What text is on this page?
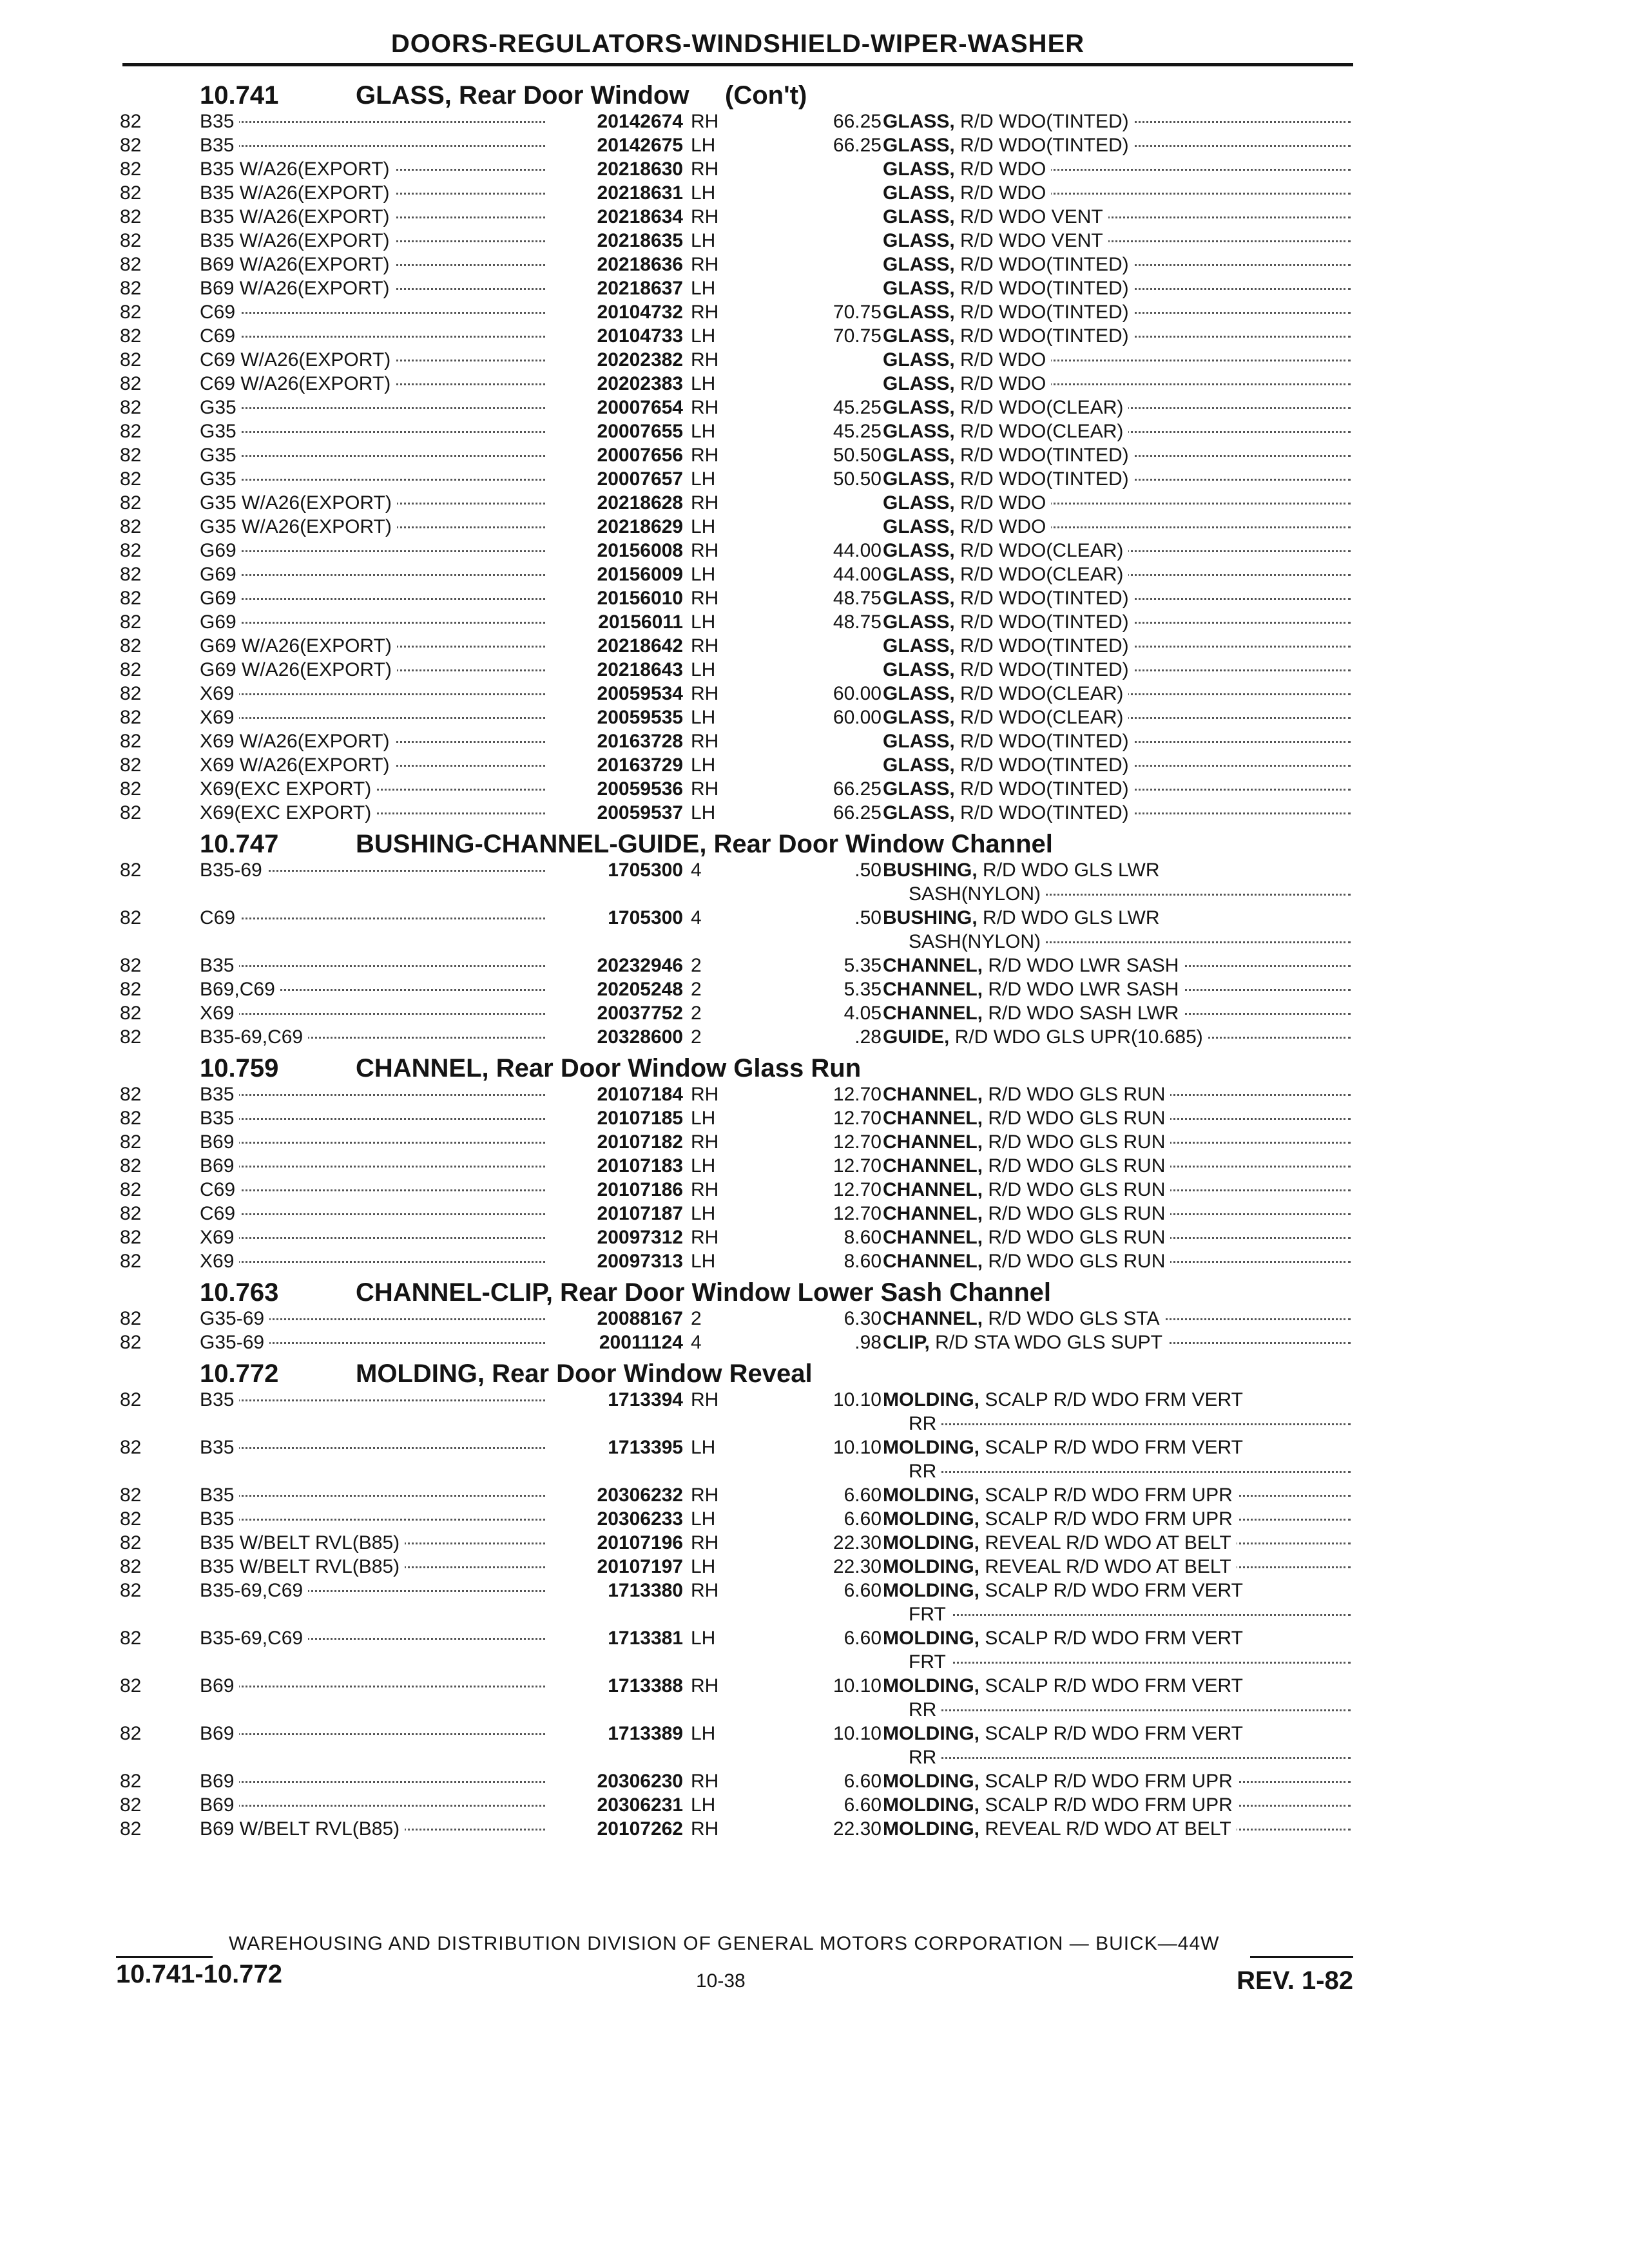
DOORS-REGULATORS-WINDSHIELD-WIPER-WASHER
10.741	GLASS, Rear Door Window (Con't)
82	B35	20142674 RH	66.25 GLASS, R/D WDO(TINTED)
82	B35	20142675 LH	66.25 GLASS, R/D WDO(TINTED)
82	B35 W/A26(EXPORT)	20218630 RH	GLASS, R/D WDO
82	B35 W/A26(EXPORT)	20218631 LH	GLASS, R/D WDO
82	B35 W/A26(EXPORT)	20218634 RH	GLASS, R/D WDO VENT
82	B35 W/A26(EXPORT)	20218635 LH	GLASS, R/D WDO VENT
82	B69 W/A26(EXPORT)	20218636 RH	GLASS, R/D WDO(TINTED)
82	B69 W/A26(EXPORT)	20218637 LH	GLASS, R/D WDO(TINTED)
82	C69	20104732 RH	70.75 GLASS, R/D WDO(TINTED)
82	C69	20104733 LH	70.75 GLASS, R/D WDO(TINTED)
82	C69 W/A26(EXPORT)	20202382 RH	GLASS, R/D WDO
82	C69 W/A26(EXPORT)	20202383 LH	GLASS, R/D WDO
82	G35	20007654 RH	45.25 GLASS, R/D WDO(CLEAR)
82	G35	20007655 LH	45.25 GLASS, R/D WDO(CLEAR)
82	G35	20007656 RH	50.50 GLASS, R/D WDO(TINTED)
82	G35	20007657 LH	50.50 GLASS, R/D WDO(TINTED)
82	G35 W/A26(EXPORT)	20218628 RH	GLASS, R/D WDO
82	G35 W/A26(EXPORT)	20218629 LH	GLASS, R/D WDO
82	G69	20156008 RH	44.00 GLASS, R/D WDO(CLEAR)
82	G69	20156009 LH	44.00 GLASS, R/D WDO(CLEAR)
82	G69	20156010 RH	48.75 GLASS, R/D WDO(TINTED)
82	G69	20156011 LH	48.75 GLASS, R/D WDO(TINTED)
82	G69 W/A26(EXPORT)	20218642 RH	GLASS, R/D WDO(TINTED)
82	G69 W/A26(EXPORT)	20218643 LH	GLASS, R/D WDO(TINTED)
82	X69	20059534 RH	60.00 GLASS, R/D WDO(CLEAR)
82	X69	20059535 LH	60.00 GLASS, R/D WDO(CLEAR)
82	X69 W/A26(EXPORT)	20163728 RH	GLASS, R/D WDO(TINTED)
82	X69 W/A26(EXPORT)	20163729 LH	GLASS, R/D WDO(TINTED)
82	X69(EXC EXPORT)	20059536 RH	66.25 GLASS, R/D WDO(TINTED)
82	X69(EXC EXPORT)	20059537 LH	66.25 GLASS, R/D WDO(TINTED)
10.747	BUSHING-CHANNEL-GUIDE, Rear Door Window Channel
82	B35-69	1705300 4	.50 BUSHING, R/D WDO GLS LWR
SASH(NYLON)
82	C69	1705300 4	.50 BUSHING, R/D WDO GLS LWR
SASH(NYLON)
82	B35	20232946 2	5.35 CHANNEL, R/D WDO LWR SASH
82	B69,C69	20205248 2	5.35 CHANNEL, R/D WDO LWR SASH
82	X69	20037752 2	4.05 CHANNEL, R/D WDO SASH LWR
82	B35-69,C69	20328600 2	.28 GUIDE, R/D WDO GLS UPR(10.685)
10.759	CHANNEL, Rear Door Window Glass Run
82	B35	20107184 RH	12.70 CHANNEL, R/D WDO GLS RUN
82	B35	20107185 LH	12.70 CHANNEL, R/D WDO GLS RUN
82	B69	20107182 RH	12.70 CHANNEL, R/D WDO GLS RUN
82	B69	20107183 LH	12.70 CHANNEL, R/D WDO GLS RUN
82	C69	20107186 RH	12.70 CHANNEL, R/D WDO GLS RUN
82	C69	20107187 LH	12.70 CHANNEL, R/D WDO GLS RUN
82	X69	20097312 RH	8.60 CHANNEL, R/D WDO GLS RUN
82	X69	20097313 LH	8.60 CHANNEL, R/D WDO GLS RUN
10.763	CHANNEL-CLIP, Rear Door Window Lower Sash Channel
82	G35-69	20088167 2	6.30 CHANNEL, R/D WDO GLS STA
82	G35-69	20011124 4	.98 CLIP, R/D STA WDO GLS SUPT
10.772	MOLDING, Rear Door Window Reveal
82	B35	1713394 RH	10.10 MOLDING, SCALP R/D WDO FRM VERT
RR
82	B35	1713395 LH	10.10 MOLDING, SCALP R/D WDO FRM VERT
RR
82	B35	20306232 RH	6.60 MOLDING, SCALP R/D WDO FRM UPR
82	B35	20306233 LH	6.60 MOLDING, SCALP R/D WDO FRM UPR
82	B35 W/BELT RVL(B85)	20107196 RH	22.30 MOLDING, REVEAL R/D WDO AT BELT
82	B35 W/BELT RVL(B85)	20107197 LH	22.30 MOLDING, REVEAL R/D WDO AT BELT
82	B35-69,C69	1713380 RH	6.60 MOLDING, SCALP R/D WDO FRM VERT
FRT
82	B35-69,C69	1713381 LH	6.60 MOLDING, SCALP R/D WDO FRM VERT
FRT
82	B69	1713388 RH	10.10 MOLDING, SCALP R/D WDO FRM VERT
RR
82	B69	1713389 LH	10.10 MOLDING, SCALP R/D WDO FRM VERT
RR
82	B69	20306230 RH	6.60 MOLDING, SCALP R/D WDO FRM UPR
82	B69	20306231 LH	6.60 MOLDING, SCALP R/D WDO FRM UPR
82	B69 W/BELT RVL(B85)	20107262 RH	22.30 MOLDING, REVEAL R/D WDO AT BELT
WAREHOUSING AND DISTRIBUTION DIVISION OF GENERAL MOTORS CORPORATION — BUICK—44W
10.741-10.772	10-38	REV. 1-82
